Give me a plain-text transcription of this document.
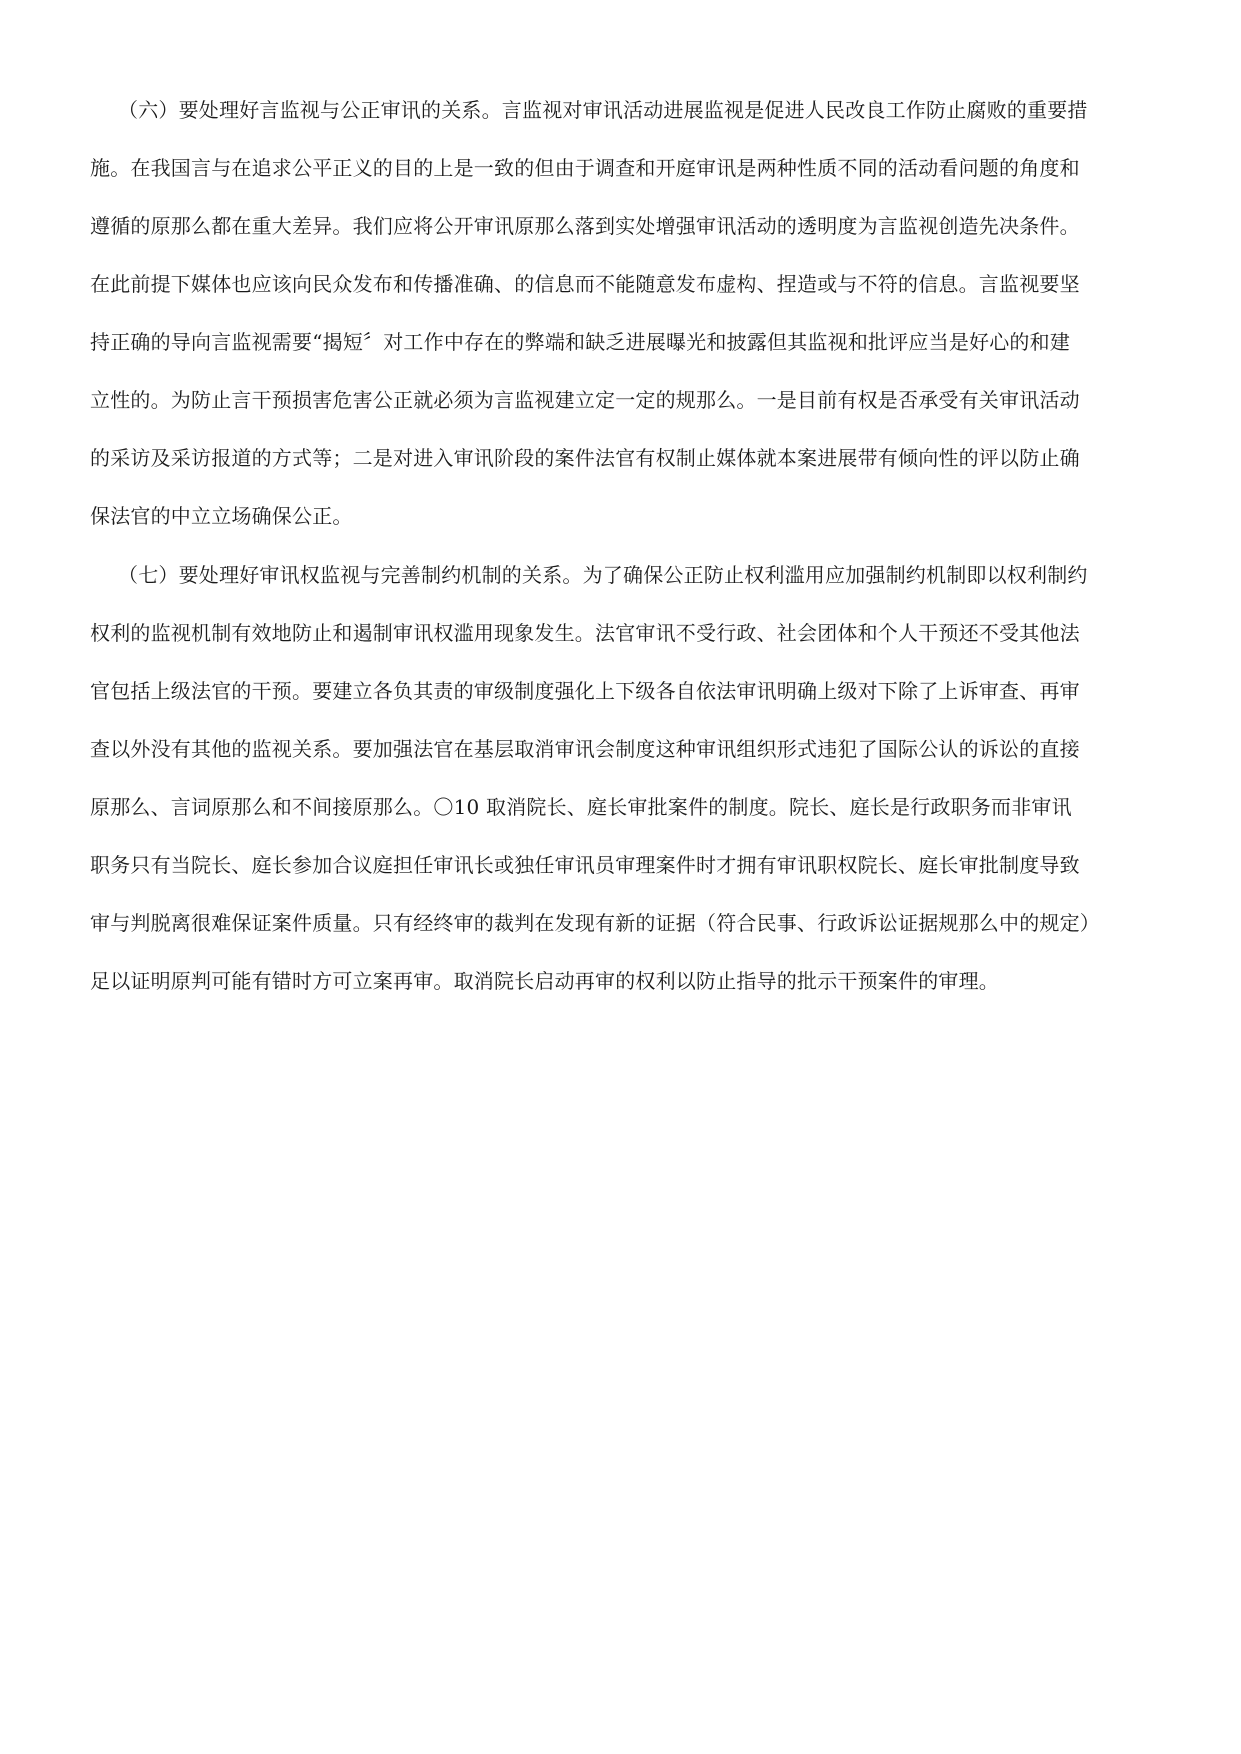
（六）要处理好言监视与公正审讯的关系。言监视对审讯活动进展监视是促进人民改良工作防止腐败的重要措
施。在我国言与在追求公平正义的目的上是一致的但由于调查和开庭审讯是两种性质不同的活动看问题的角度和
遵循的原那么都在重大差异。我们应将公开审讯原那么落到实处增强审讯活动的透明度为言监视创造先决条件。
在此前提下媒体也应该向民众发布和传播准确、的信息而不能随意发布虚构、捏造或与不符的信息。言监视要坚
持正确的导向言监视需要“揭短〞对工作中存在的弊端和缺乏进展曝光和披露但其监视和批评应当是好心的和建
立性的。为防止言干预损害危害公正就必须为言监视建立定一定的规那么。一是目前有权是否承受有关审讯活动
的采访及采访报道的方式等；二是对进入审讯阶段的案件法官有权制止媒体就本案进展带有倾向性的评以防止确
保法官的中立立场确保公正。
（七）要处理好审讯权监视与完善制约机制的关系。为了确保公正防止权利滥用应加强制约机制即以权利制约
权利的监视机制有效地防止和遏制审讯权滥用现象发生。法官审讯不受行政、社会团体和个人干预还不受其他法
官包括上级法官的干预。要建立各负其责的审级制度强化上下级各自依法审讯明确上级对下除了上诉审查、再审
查以外没有其他的监视关系。要加强法官在基层取消审讯会制度这种审讯组织形式违犯了国际公认的诉讼的直接
原那么、言词原那么和不间接原那么。〇10 取消院长、庭长审批案件的制度。院长、庭长是行政职务而非审讯
职务只有当院长、庭长参加合议庭担任审讯长或独任审讯员审理案件时才拥有审讯职权院长、庭长审批制度导致
审与判脱离很难保证案件质量。只有经终审的裁判在发现有新的证据（符合民事、行政诉讼证据规那么中的规定）
足以证明原判可能有错时方可立案再审。取消院长启动再审的权利以防止指导的批示干预案件的审理。
